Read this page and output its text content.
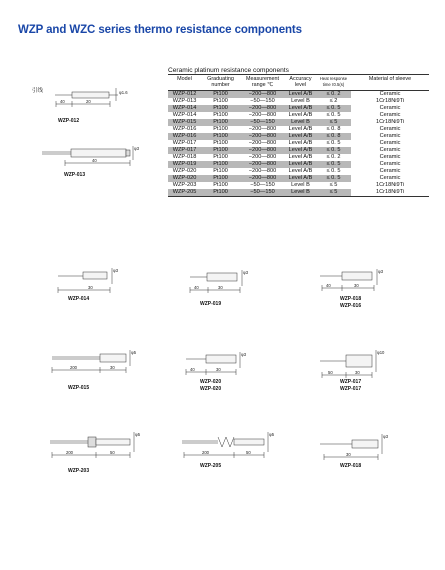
WZP and WZC series thermo resistance components
Ceramic platinum resistance components
Model	Graduating number	Measurement range ℃	Accuracy level	Heat response time τ0.5(s)	Material of sleeve
WZP-012	Pt100	−200—800	Level A/B	≤ 0. 2	Ceramic
WZP-013	Pt100	−50—150	Level B	≤ 2	1Cr18Ni9Ti
WZP-014	Pt100	−200—800	Level A/B	≤ 0. 5	Ceramic
WZP-014	Pt100	−200—800	Level A/B	≤ 0. 5	Ceramic
WZP-015	Pt100	−50—150	Level B	≤ 5	1Cr18Ni9Ti
WZP-016	Pt100	−200—800	Level A/B	≤ 0. 8	Ceramic
WZP-016	Pt100	−200—800	Level A/B	≤ 0. 8	Ceramic
WZP-017	Pt100	−200—800	Level A/B	≤ 0. 5	Ceramic
WZP-017	Pt100	−200—800	Level A/B	≤ 0. 5	Ceramic
WZP-018	Pt100	−200—800	Level A/B	≤ 0. 2	Ceramic
WZP-019	Pt100	−200—800	Level A/B	≤ 0. 5	Ceramic
WZP-020	Pt100	−200—800	Level A/B	≤ 0. 5	Ceramic
WZP-020	Pt100	−200—800	Level A/B	≤ 0. 5	Ceramic
WZP-203	Pt100	−50—150	Level B	≤ 5	1Cr18Ni9Ti
WZP-205	Pt100	−50—150	Level B	≤ 5	1Cr18Ni9Ti
引线
WZP-012
WZP-013
WZP-014
WZP-019
WZP-018
WZP-016
WZP-015
WZP-020
WZP-020
WZP-017
WZP-017
WZP-203
WZP-205	WZP-018
40	20
φ1.6
40
φ3
30
φ3
40	30
φ3
40	30
φ3
200	30
φ5
40	30
φ3
50	30
φ10
200	50
φ5
200	50
φ5
30
φ3
